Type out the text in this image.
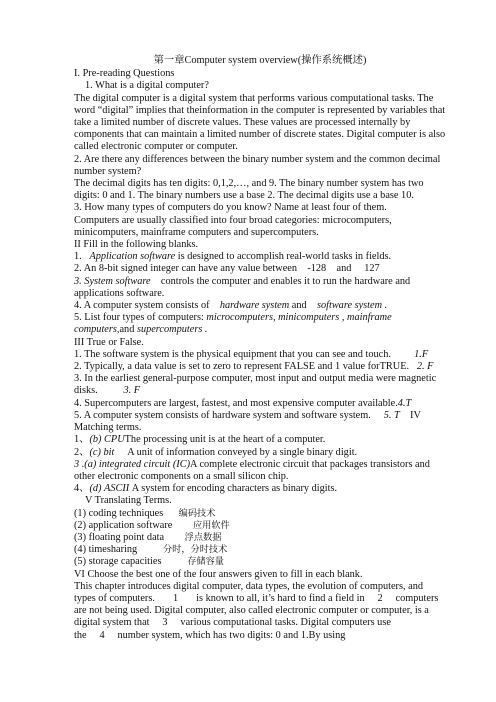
第一章Computer system overview(操作系统概述)

I. Pre-reading Questions

1. What is a digital computer?

The digital computer is a digital system that performs various computational tasks. The word “digital” implies that theinformation in the computer is represented by variables that take a limited number of discrete values. These values are processed internally by components that can maintain a limited number of discrete states. Digital computer is also called electronic computer or computer.

2. Are there any differences between the binary number system and the common decimal number system?

The decimal digits has ten digits: 0,1,2,…, and 9. The binary number system has two digits: 0 and 1. The binary numbers use a base 2. The decimal digits use a base 10.

3. How many types of computers do you know? Name at least four of them.

Computers are usually classified into four broad categories: microcomputers, minicomputers, mainframe computers and supercomputers.

II Fill in the following blanks.

1. Application software is designed to accomplish real-world tasks in fields.

2. An 8-bit signed integer can have any value between -128 and 127

3. System software    controls the computer and enables it to run the hardware and applications software.

4. A computer system consists of hardware system and software system .

5. List four types of computers: microcomputers, minicomputers , mainframe computers,and supercomputers .

III True or False.

1. The software system is the physical equipment that you can see and touch. 1.F

2. Typically, a data value is set to zero to represent FALSE and 1 value forTRUE. 2. F

3. In the earliest general-purpose computer, most input and output media were magnetic disks.	3. F

4. Supercomputers are largest, fastest, and most expensive computer available.4.T

5. A computer system consists of hardware system and software system. 5. T IV Matching terms.

1、(b) CPUThe processing unit is at the heart of a computer.

2、(c) bit A unit of information conveyed by a single binary digit.

3 .(a) integrated circuit (IC)A complete electronic circuit that packages transistors and other electronic components on a small silicon chip.

4、(d) ASCII A system for encoding characters as binary digits.

V Translating Terms.

(1) coding techniques 编码技术

(2) application software 应用软件

(3) floating point data 浮点数据

(4) timesharing	分时，分时技术

(5) storage capacities	存储容量

VI Choose the best one of the four answers given to fill in each blank.

This chapter introduces digital computer, data types, the evolution of computers, and types of computers. 1 is known to all, it’s hard to find a field in 2 computers are not being used. Digital computer, also called electronic computer or computer, is a digital system that 3 various computational tasks. Digital computers use the 4 number system, which has two digits: 0 and 1.By using
